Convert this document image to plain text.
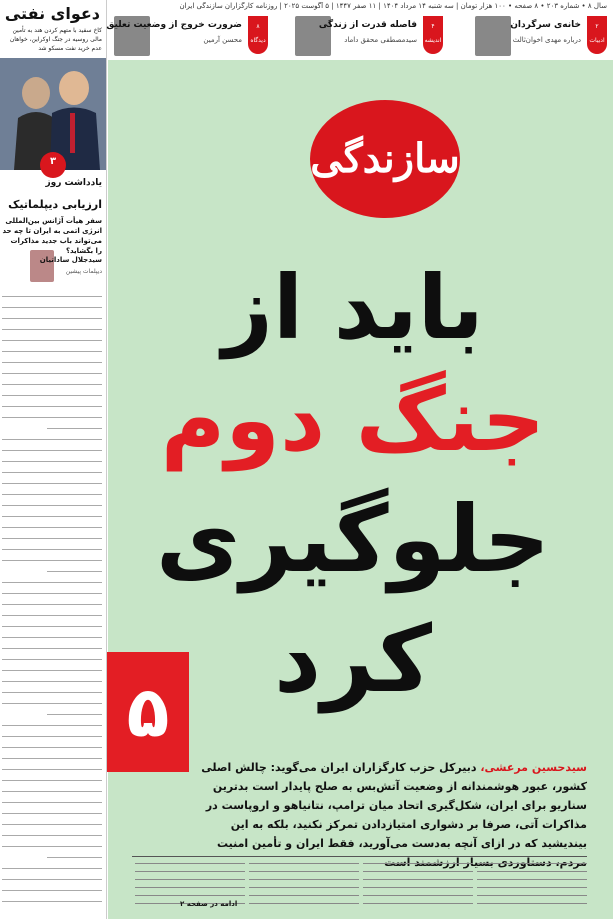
دعوای نفتی
کاخ سفید با متهم کردن هند به تأمین مالی روسیه در جنگ اوکراین، خواهان عدم خرید نفت مسکو شد
۳
یادداشت روز
ارزیابی دیپلماتیک
سفر هیأت آژانس بین‌المللی انرژی اتمی به ایران تا چه حد می‌تواند باب جدید مذاکرات را بگشاید؟
سیدجلال ساداتیان
دیپلمات پیشین
سال ۸ • شماره ۲۰۳ • ۸ صفحه • ۱۰۰ هزار تومان | سه شنبه ۱۴ مرداد ۱۴۰۴ | ۱۱ صفر ۱۴۴۷ | ۵ آگوست ۲۰۲۵ | روزنامه کارگزاران سازندگی ایران
۲
ادبیات
خانه‌ی سرگردان
درباره مهدی اخوان‌ثالث
۴
اندیشه
فاصله قدرت از زندگی
سیدمصطفی محقق داماد
۸
دیدگاه
ضرورت خروج از وضعیت تعلیق
محسن آرمین
سازندگی
باید از
جنگ دوم
جلوگیری
کرد
۵
سیدحسین مرعشی، دبیرکل حزب کارگزاران ایران می‌گوید: چالش اصلی کشور، عبور هوشمندانه از وضعیت آتش‌بس به صلح پایدار است بدترین سناریو برای ایران، شکل‌گیری اتحاد میان ترامپ، نتانیاهو و اروپاست در مذاکرات آتی، صرفا بر دشواری امتیازدادن تمرکز نکنید، بلکه به این بیندیشید که در ازای آنچه به‌دست می‌آورید، فقط ایران و تأمین امنیت
ادامه در صفحه ۲
